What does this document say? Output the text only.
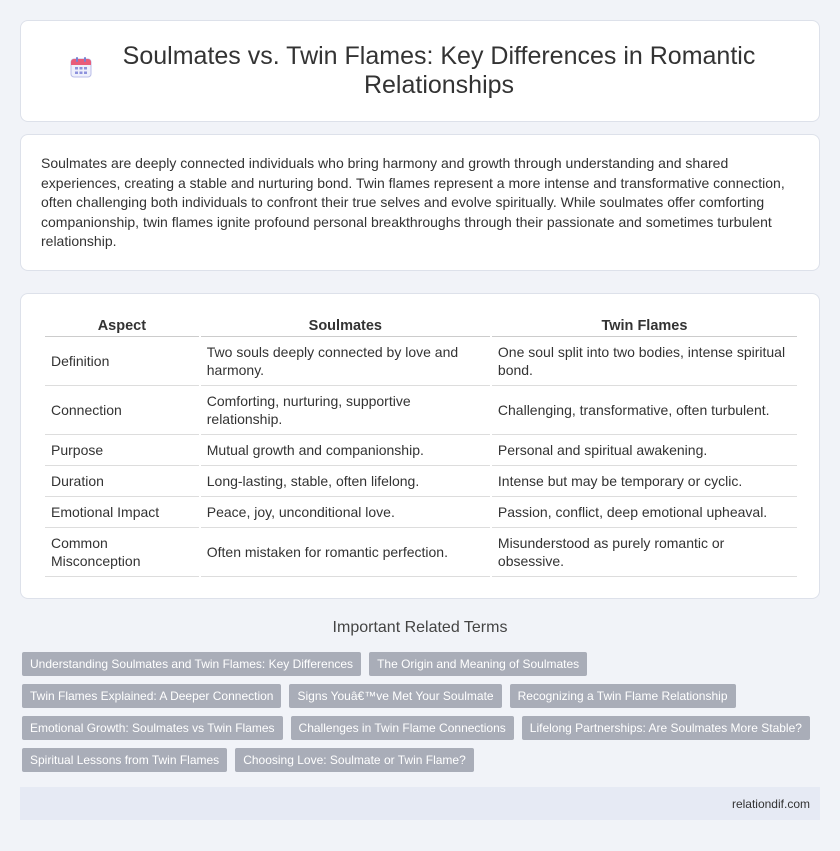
Soulmates vs. Twin Flames: Key Differences in Romantic Relationships

Soulmates are deeply connected individuals who bring harmony and growth through understanding and shared experiences, creating a stable and nurturing bond. Twin flames represent a more intense and transformative connection, often challenging both individuals to confront their true selves and evolve spiritually. While soulmates offer comforting companionship, twin flames ignite profound personal breakthroughs through their passionate and sometimes turbulent relationship.

Aspect	Soulmates	Twin Flames
Definition	Two souls deeply connected by love and harmony.	One soul split into two bodies, intense spiritual bond.
Connection	Comforting, nurturing, supportive relationship.	Challenging, transformative, often turbulent.
Purpose	Mutual growth and companionship.	Personal and spiritual awakening.
Duration	Long-lasting, stable, often lifelong.	Intense but may be temporary or cyclic.
Emotional Impact	Peace, joy, unconditional love.	Passion, conflict, deep emotional upheaval.
Common Misconception	Often mistaken for romantic perfection.	Misunderstood as purely romantic or obsessive.
Important Related Terms
Understanding Soulmates and Twin Flames: Key Differences	The Origin and Meaning of Soulmates
Twin Flames Explained: A Deeper Connection	Signs Youâ€™ve Met Your Soulmate	Recognizing a Twin Flame Relationship
Emotional Growth: Soulmates vs Twin Flames	Challenges in Twin Flame Connections	Lifelong Partnerships: Are Soulmates More Stable?
Spiritual Lessons from Twin Flames	Choosing Love: Soulmate or Twin Flame?
relationdif.com
